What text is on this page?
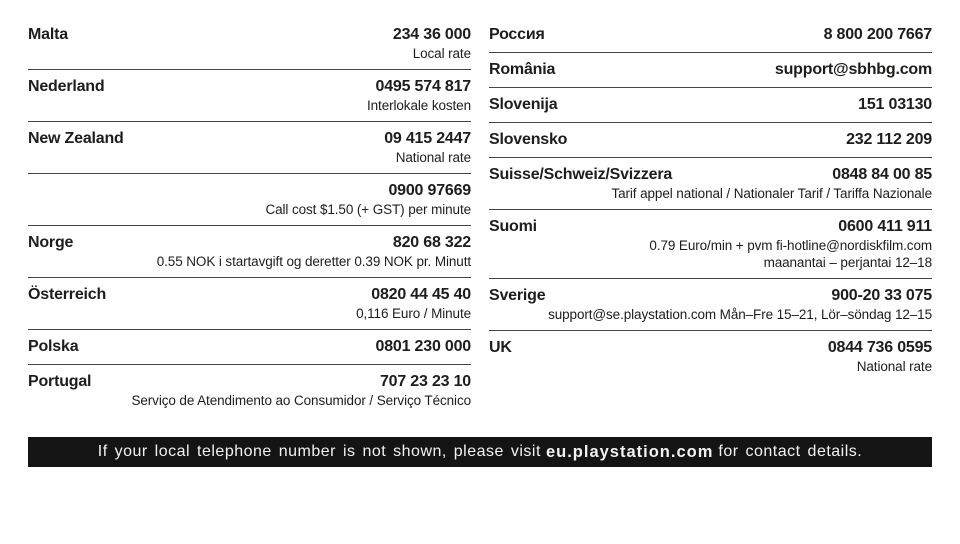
Malta	234 36 000
Local rate
Nederland	0495 574 817
Interlokale kosten
New Zealand	09 415 2447
National rate
0900 97669
Call cost $1.50 (+ GST) per minute
Norge	820 68 322
0.55 NOK i startavgift og deretter 0.39 NOK pr. Minutt
Österreich	0820 44 45 40
0,116 Euro / Minute
Polska	0801 230 000
Portugal	707 23 23 10
Serviço de Atendimento ao Consumidor / Serviço Técnico
Россия	8 800 200 7667
România	support@sbhbg.com
Slovenija	151 03130
Slovensko	232 112 209
Suisse/Schweiz/Svizzera	0848 84 00 85
Tarif appel national / Nationaler Tarif / Tariffa Nazionale
Suomi	0600 411 911
0.79 Euro/min + pvm fi-hotline@nordiskfilm.com
maanantai – perjantai 12–18
Sverige	900-20 33 075
support@se.playstation.com Mån–Fre 15–21, Lör–söndag 12–15
UK	0844 736 0595
National rate
If your local telephone number is not shown, please visit eu.playstation.com for contact details.
